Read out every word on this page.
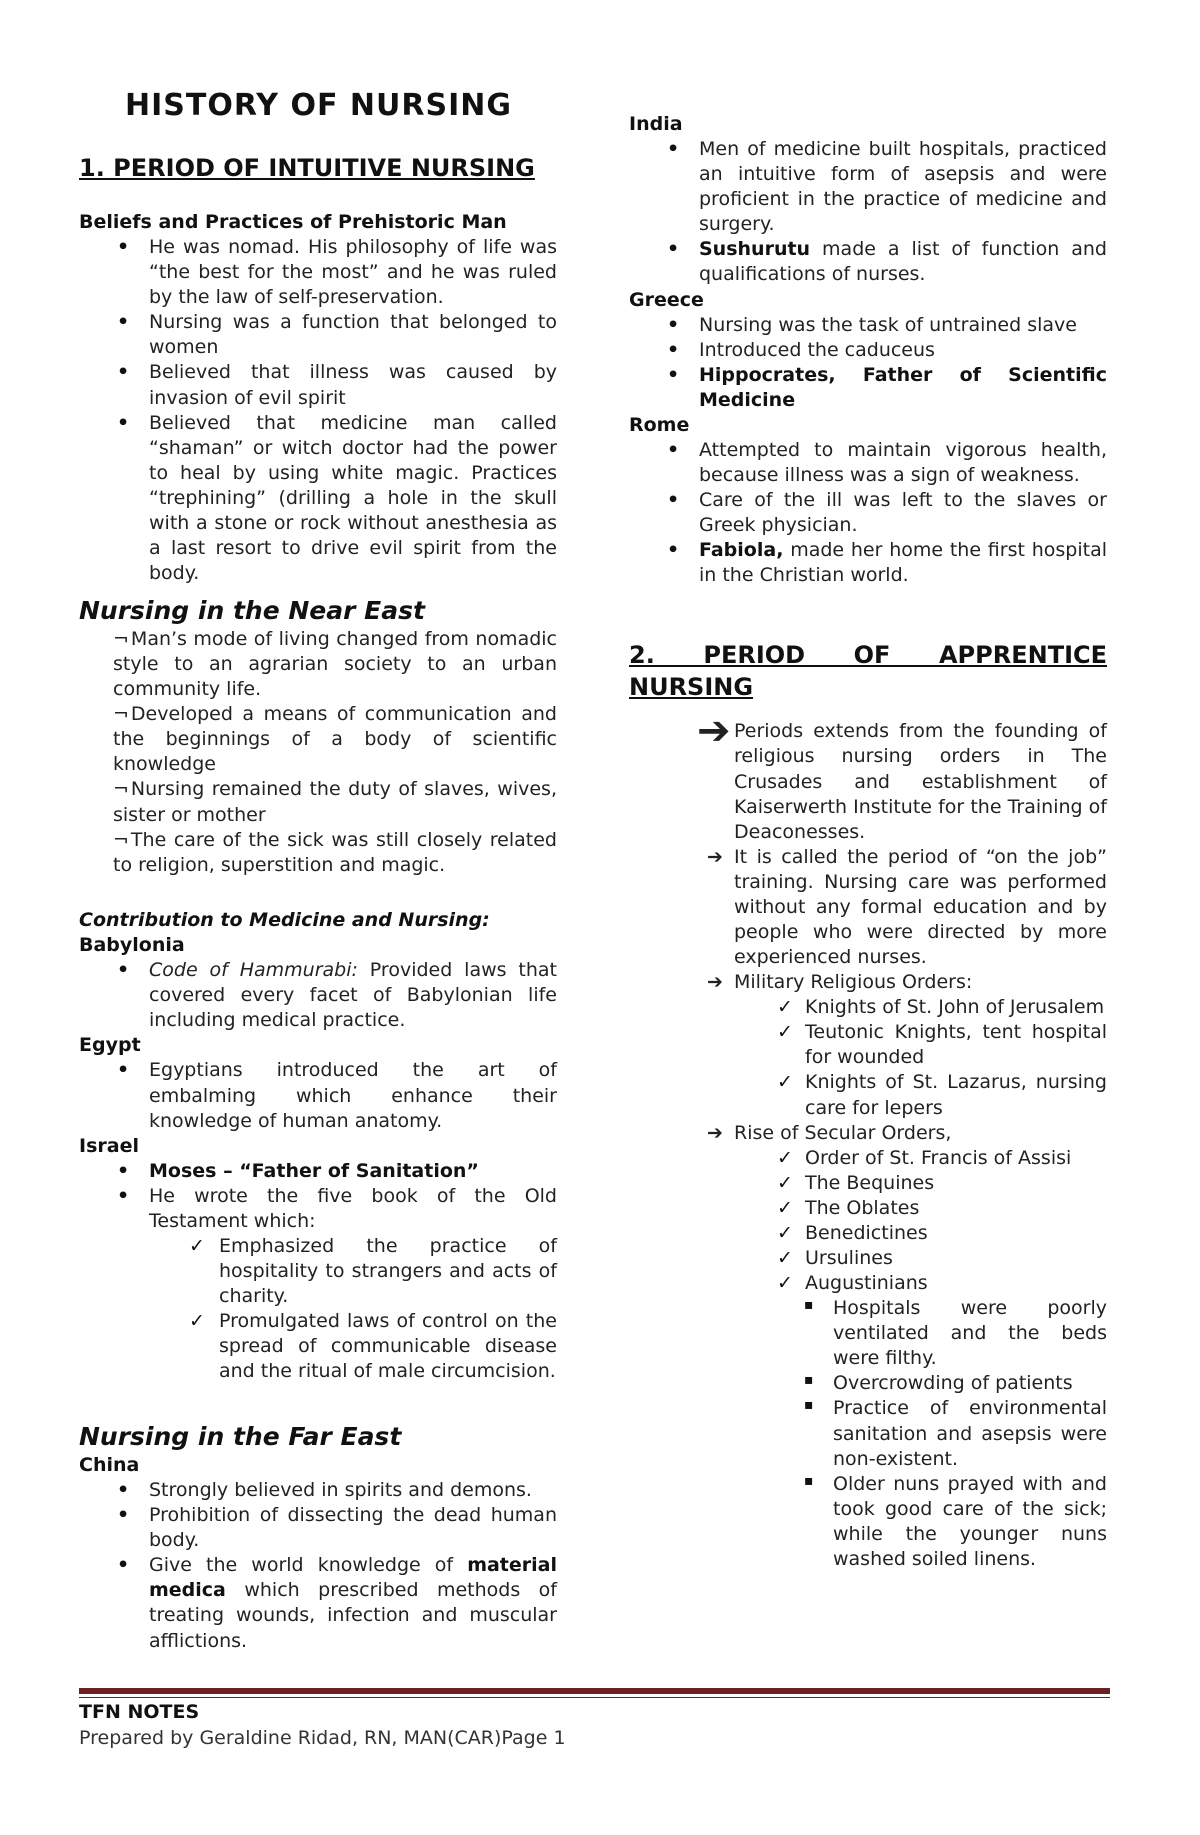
HISTORY OF NURSING
1. PERIOD OF INTUITIVE NURSING

Beliefs and Practices of Prehistoric Man

• He was nomad. His philosophy of life was “the best for the most” and he was ruled by the law of self-preservation.
• Nursing was a function that belonged to women
• Believed that illness was caused by invasion of evil spirit
• Believed that medicine man called “shaman” or witch doctor had the power to heal by using white magic. Practices “trephining” (drilling a hole in the skull with a stone or rock without anesthesia as a last resort to drive evil spirit from the body.

Nursing in the Near East

¬ Man’s mode of living changed from nomadic style to an agrarian society to an urban community life.

¬ Developed a means of communication and the beginnings of a body of scientific knowledge

¬ Nursing remained the duty of slaves, wives, sister or mother

¬ The care of the sick was still closely related to religion, superstition and magic.

Contribution to Medicine and Nursing:

Babylonia

• Code of Hammurabi: Provided laws that covered every facet of Babylonian life including medical practice.

Egypt

• Egyptians introduced the art of embalming which enhance their knowledge of human anatomy.

Israel

• Moses – “Father of Sanitation”
• He wrote the five book of the Old Testament which:
✓ Emphasized the practice of hospitality to strangers and acts of charity.
✓ Promulgated laws of control on the spread of communicable disease and the ritual of male circumcision.

Nursing in the Far East

China

• Strongly believed in spirits and demons.
• Prohibition of dissecting the dead human body.
• Give the world knowledge of material medica which prescribed methods of treating wounds, infection and muscular afflictions.

India

• Men of medicine built hospitals, practiced an intuitive form of asepsis and were proficient in the practice of medicine and surgery.
• Sushurutu made a list of function and qualifications of nurses.

Greece

• Nursing was the task of untrained slave
• Introduced the caduceus
• Hippocrates, Father of Scientific Medicine

Rome

• Attempted to maintain vigorous health, because illness was a sign of weakness.
• Care of the ill was left to the slaves or Greek physician.
• Fabiola, made her home the first hospital in the Christian world.
2. PERIOD OF APPRENTICE NURSING
➔ Periods extends from the founding of religious nursing orders in The Crusades and establishment of Kaiserwerth Institute for the Training of Deaconesses.
➔ It is called the period of “on the job” training. Nursing care was performed without any formal education and by people who were directed by more experienced nurses.
➔ Military Religious Orders:
✓ Knights of St. John of Jerusalem
✓ Teutonic Knights, tent hospital for wounded
✓ Knights of St. Lazarus, nursing care for lepers
➔ Rise of Secular Orders,
✓ Order of St. Francis of Assisi
✓ The Bequines
✓ The Oblates
✓ Benedictines
✓ Ursulines
✓ Augustinians
▪ Hospitals were poorly ventilated and the beds were filthy.
▪ Overcrowding of patients
▪ Practice of environmental sanitation and asepsis were non-existent.
▪ Older nuns prayed with and took good care of the sick; while the younger nuns washed soiled linens.
TFN NOTES
Prepared by Geraldine Ridad, RN, MAN(CAR)Page 1
